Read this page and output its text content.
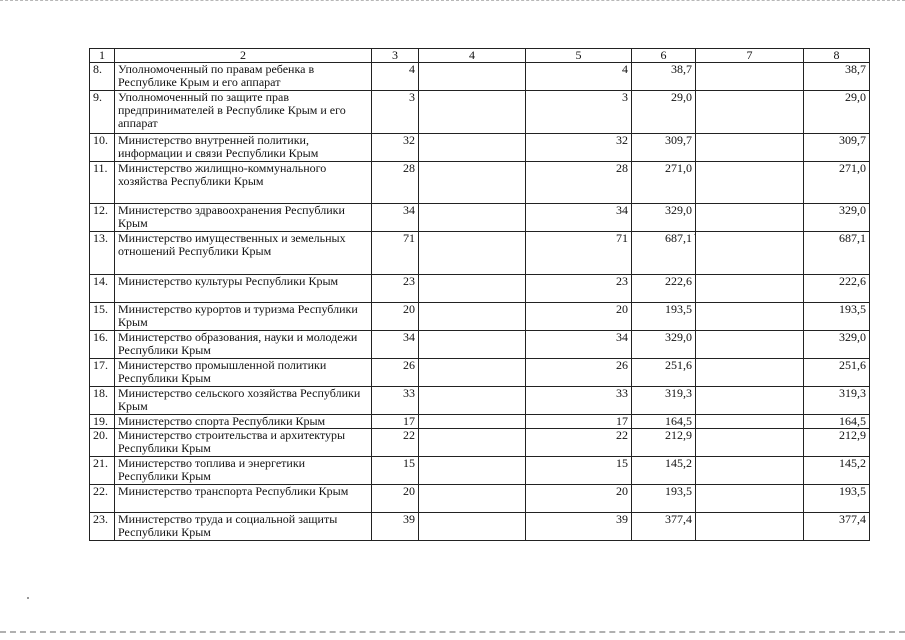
1	2	3	4	5	6	7	8
8.	Уполномоченный по правам ребенка в Республике Крым и его аппарат	4		4	38,7		38,7
9.	Уполномоченный по защите прав предпринимателей в Республике Крым и его аппарат	3		3	29,0		29,0
10.	Министерство внутренней политики, информации и связи Республики Крым	32		32	309,7		309,7
11.	Министерство жилищно-коммунального хозяйства Республики Крым	28		28	271,0		271,0
12.	Министерство здравоохранения Республики Крым	34		34	329,0		329,0
13.	Министерство имущественных и земельных отношений Республики Крым	71		71	687,1		687,1
14.	Министерство культуры Республики Крым	23		23	222,6		222,6
15.	Министерство курортов и туризма Республики Крым	20		20	193,5		193,5
16.	Министерство образования, науки и молодежи Республики Крым	34		34	329,0		329,0
17.	Министерство промышленной политики Республики Крым	26		26	251,6		251,6
18.	Министерство сельского хозяйства Республики Крым	33		33	319,3		319,3
19.	Министерство спорта Республики Крым	17		17	164,5		164,5
20.	Министерство строительства и архитектуры Республики Крым	22		22	212,9		212,9
21.	Министерство топлива и энергетики Республики Крым	15		15	145,2		145,2
22.	Министерство транспорта Республики Крым	20		20	193,5		193,5
23.	Министерство труда и социальной защиты Республики Крым	39		39	377,4		377,4
